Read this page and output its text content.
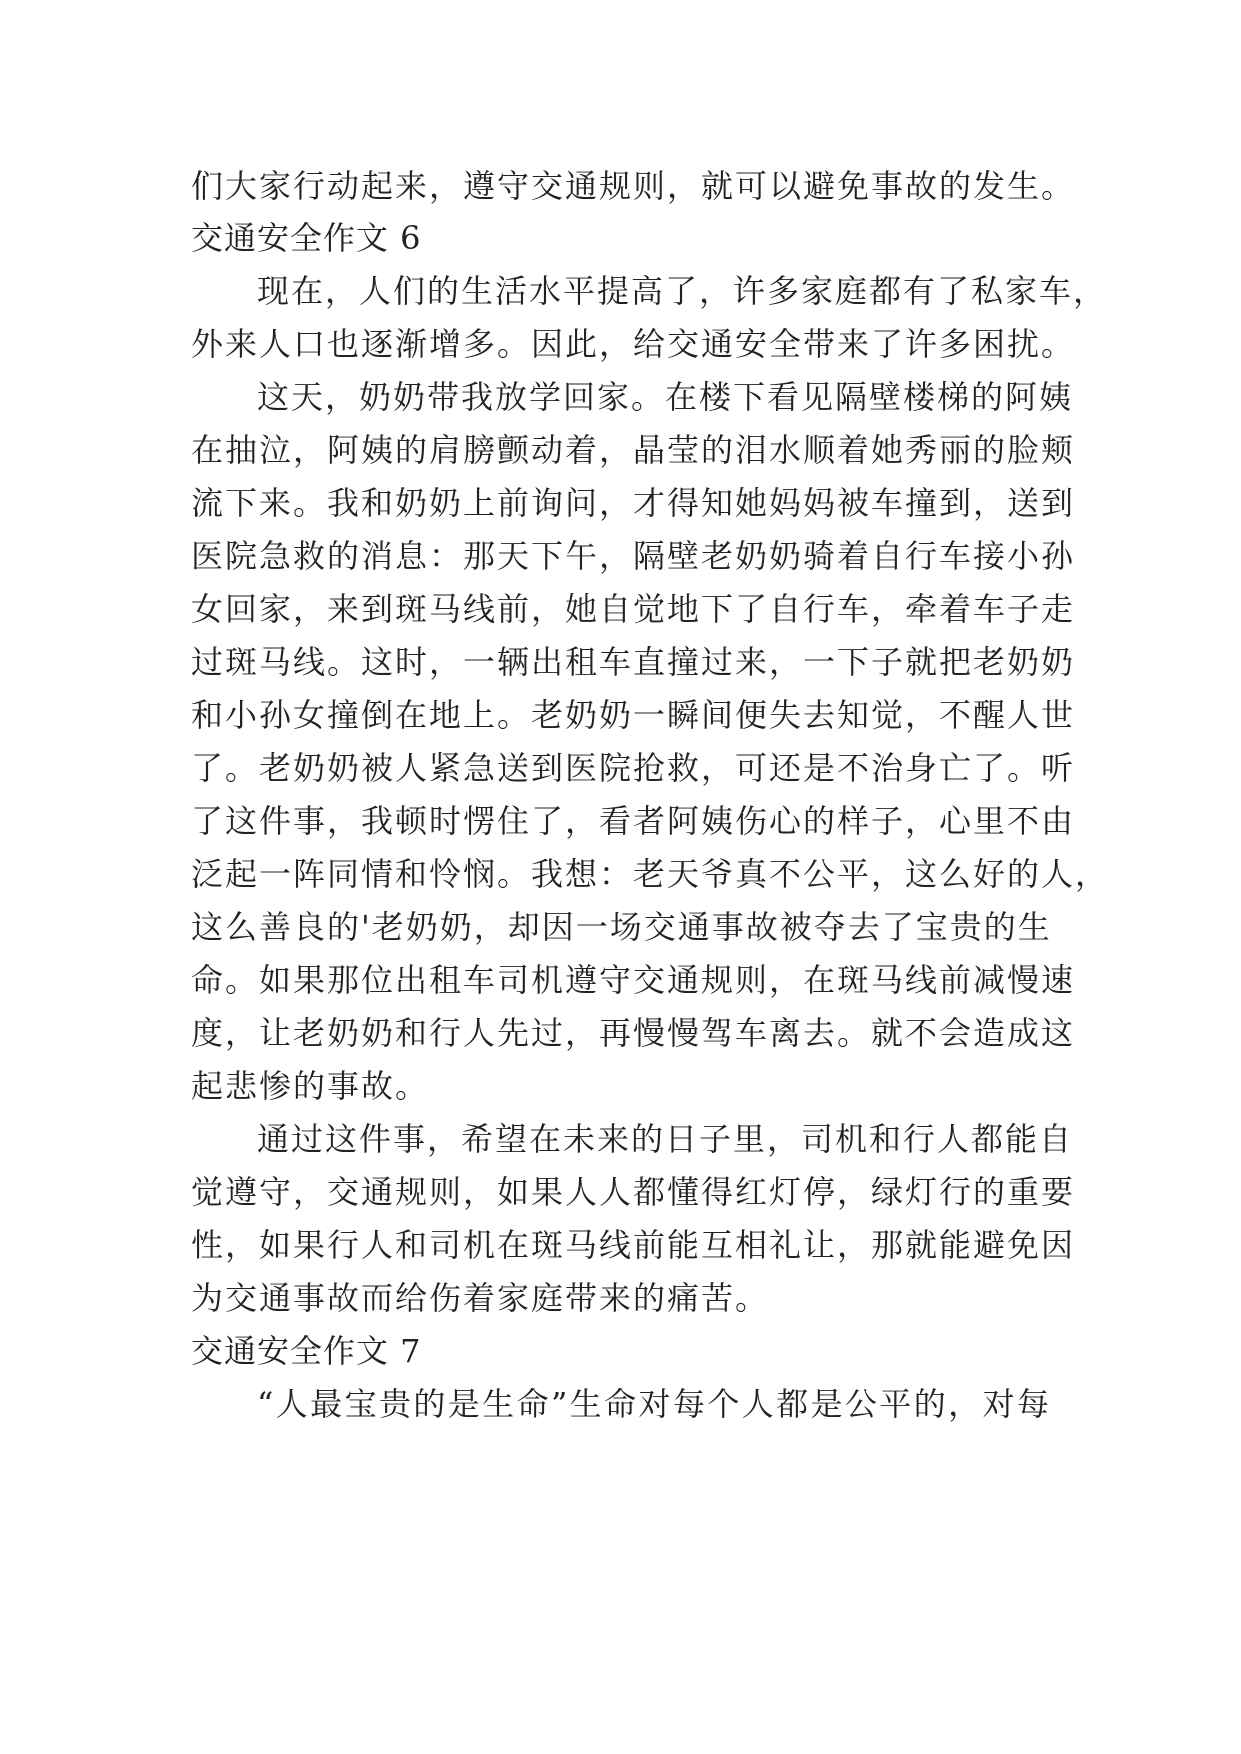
们大家行动起来，遵守交通规则，就可以避免事故的发生。
交通安全作文 6
现在，人们的生活水平提高了，许多家庭都有了私家车，
外来人口也逐渐增多。因此，给交通安全带来了许多困扰。
这天，奶奶带我放学回家。在楼下看见隔壁楼梯的阿姨
在抽泣，阿姨的肩膀颤动着，晶莹的泪水顺着她秀丽的脸颊
流下来。我和奶奶上前询问，才得知她妈妈被车撞到，送到
医院急救的消息：那天下午，隔壁老奶奶骑着自行车接小孙
女回家，来到斑马线前，她自觉地下了自行车，牵着车子走
过斑马线。这时，一辆出租车直撞过来，一下子就把老奶奶
和小孙女撞倒在地上。老奶奶一瞬间便失去知觉，不醒人世
了。老奶奶被人紧急送到医院抢救，可还是不治身亡了。听
了这件事，我顿时愣住了，看者阿姨伤心的样子，心里不由
泛起一阵同情和怜悯。我想：老天爷真不公平，这么好的人，
这么善良的'老奶奶，却因一场交通事故被夺去了宝贵的生
命。如果那位出租车司机遵守交通规则，在斑马线前减慢速
度，让老奶奶和行人先过，再慢慢驾车离去。就不会造成这
起悲惨的事故。
通过这件事，希望在未来的日子里，司机和行人都能自
觉遵守，交通规则，如果人人都懂得红灯停，绿灯行的重要
性，如果行人和司机在斑马线前能互相礼让，那就能避免因
为交通事故而给伤着家庭带来的痛苦。
交通安全作文 7
“人最宝贵的是生命”生命对每个人都是公平的，对每
